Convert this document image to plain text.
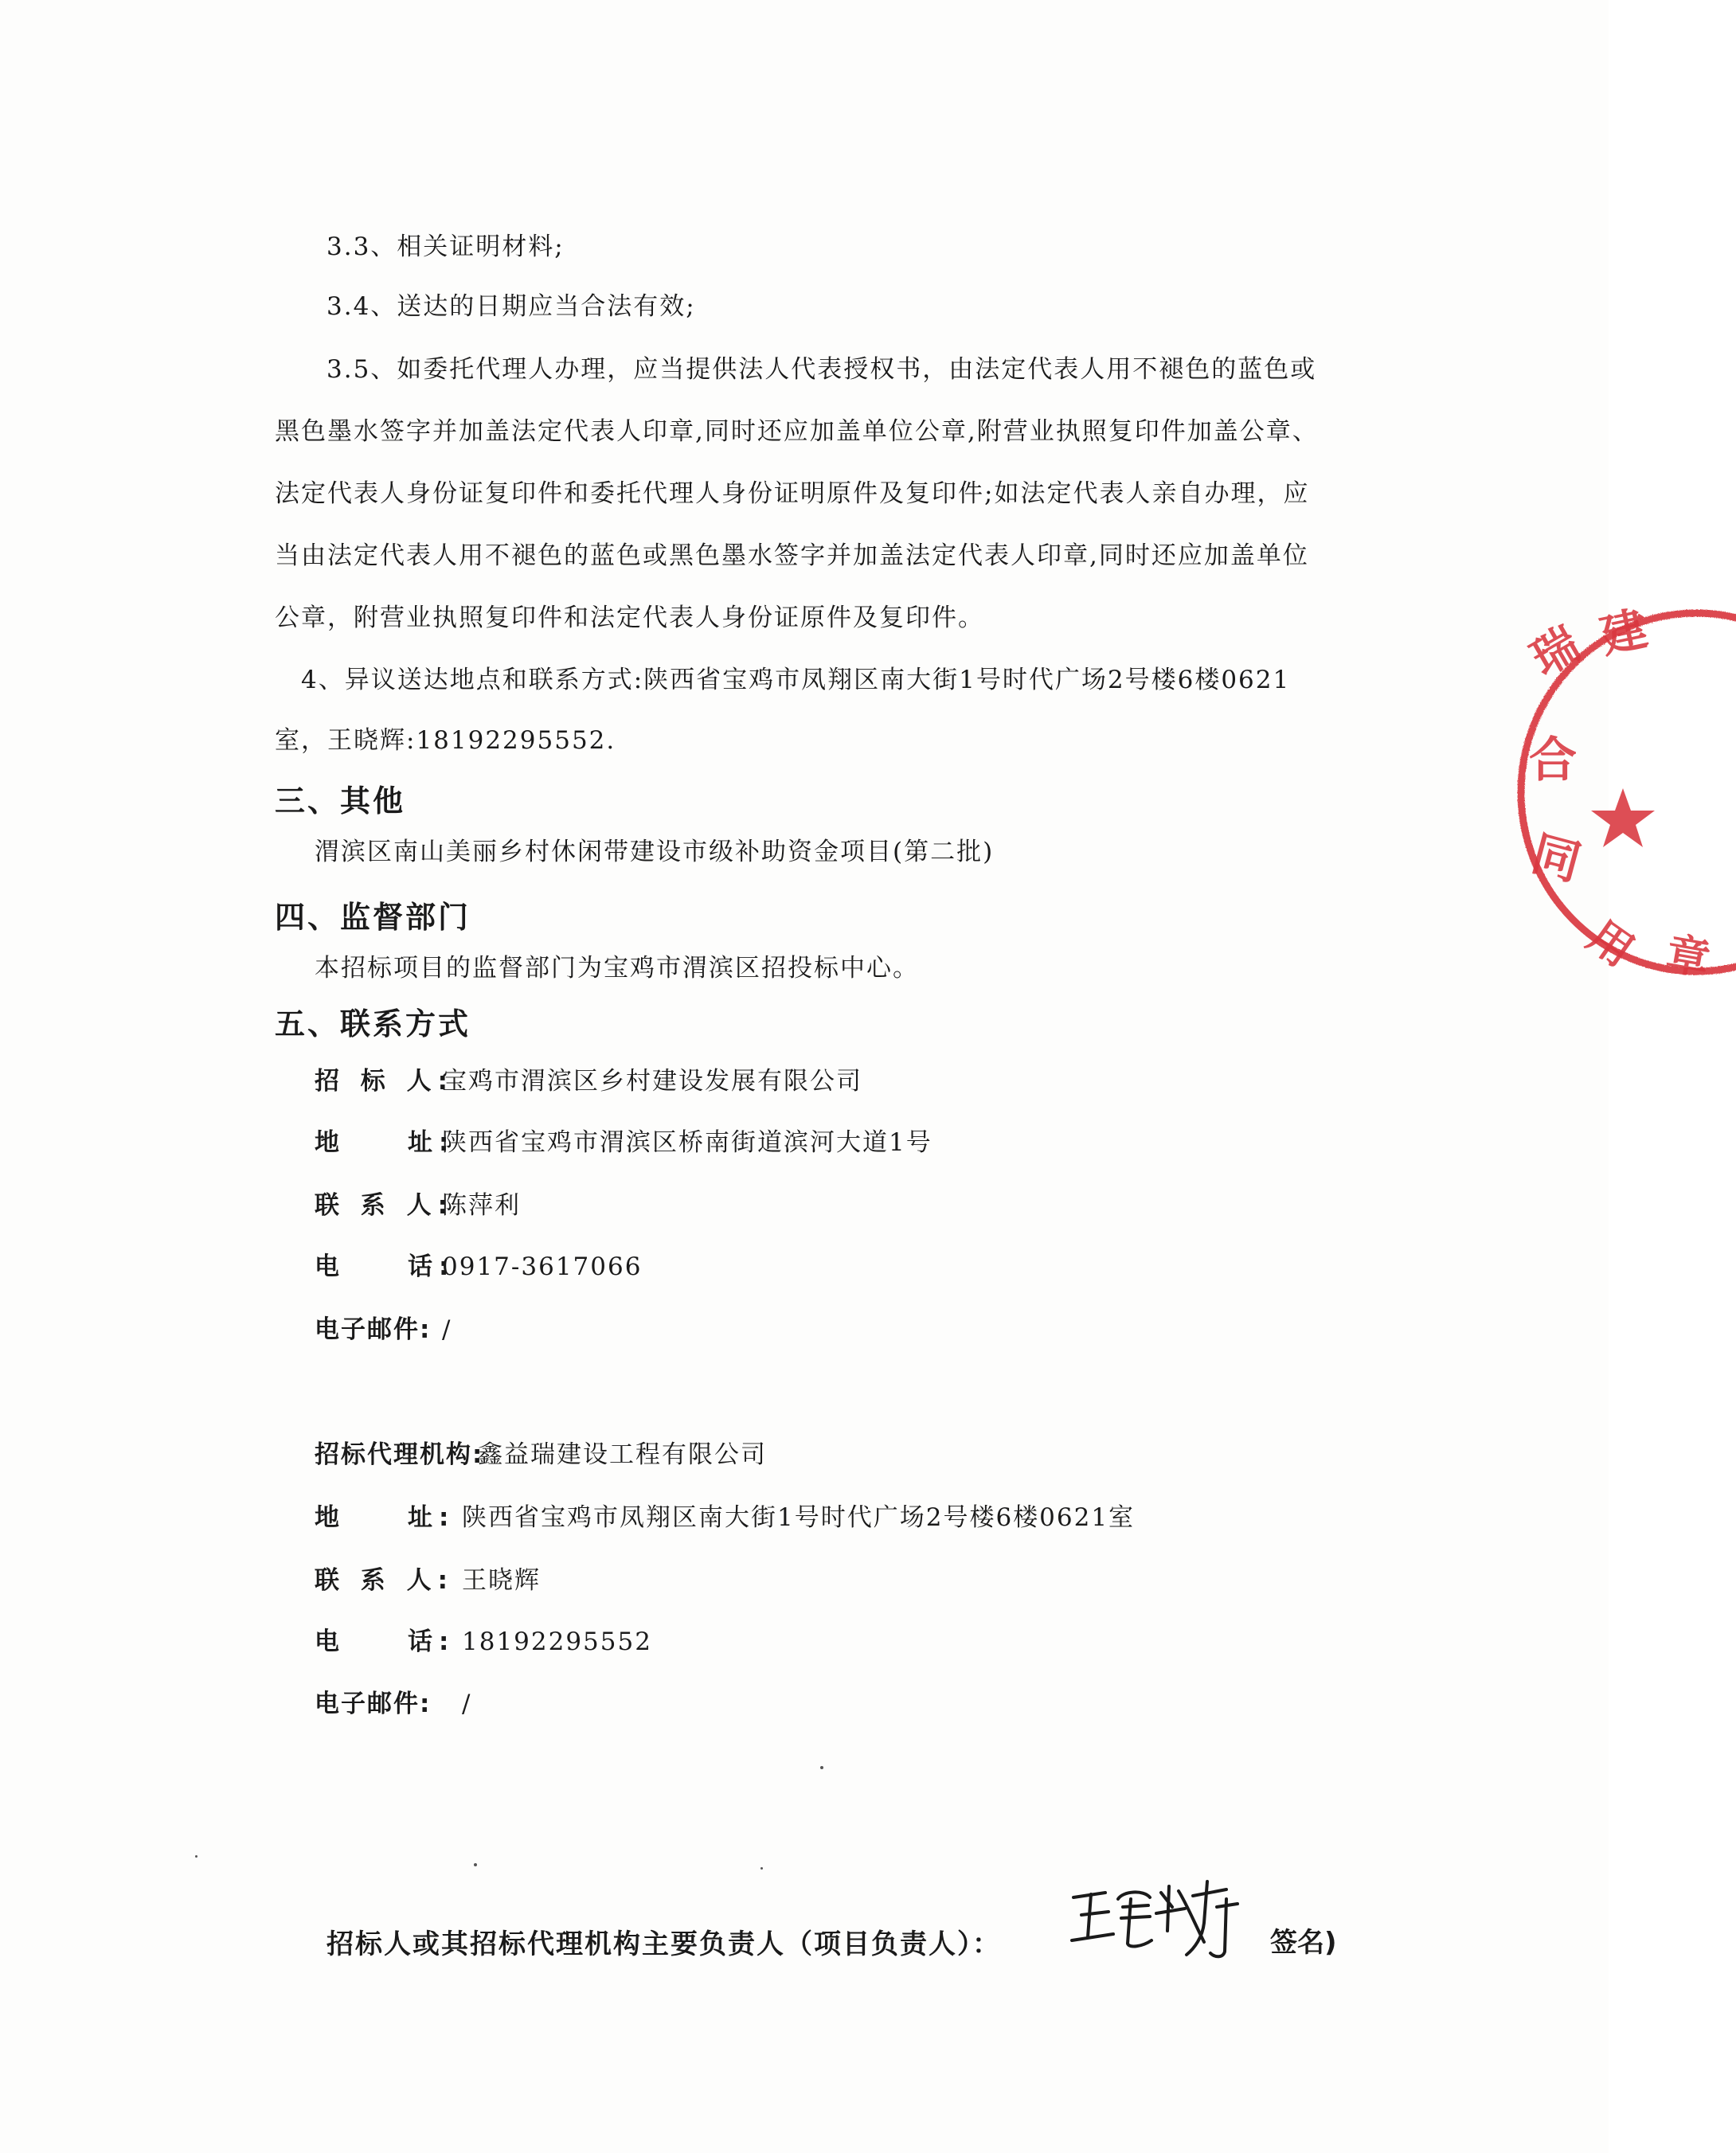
3.3、相关证明材料;
3.4、送达的日期应当合法有效;
3.5、如委托代理人办理，应当提供法人代表授权书，由法定代表人用不褪色的蓝色或
黑色墨水签字并加盖法定代表人印章,同时还应加盖单位公章,附营业执照复印件加盖公章、
法定代表人身份证复印件和委托代理人身份证明原件及复印件;如法定代表人亲自办理，应
当由法定代表人用不褪色的蓝色或黑色墨水签字并加盖法定代表人印章,同时还应加盖单位
公章，附营业执照复印件和法定代表人身份证原件及复印件。
4、异议送达地点和联系方式:陕西省宝鸡市凤翔区南大街1号时代广场2号楼6楼0621
室，王晓辉:18192295552.
三、其他
渭滨区南山美丽乡村休闲带建设市级补助资金项目(第二批)
四、监督部门
本招标项目的监督部门为宝鸡市渭滨区招投标中心。
五、联系方式
招 标 人:宝鸡市渭滨区乡村建设发展有限公司
地　　址:陕西省宝鸡市渭滨区桥南街道滨河大道1号
联 系 人:陈萍利
电　　话:0917-3617066
电子邮件: /
招标代理机构:鑫益瑞建设工程有限公司
地　　址: 陕西省宝鸡市凤翔区南大街1号时代广场2号楼6楼0621室
联 系 人: 王晓辉
电　　话: 18192295552
电子邮件: /
招标人或其招标代理机构主要负责人（项目负责人）：	签名)
瑞 建
合
同
用 章
